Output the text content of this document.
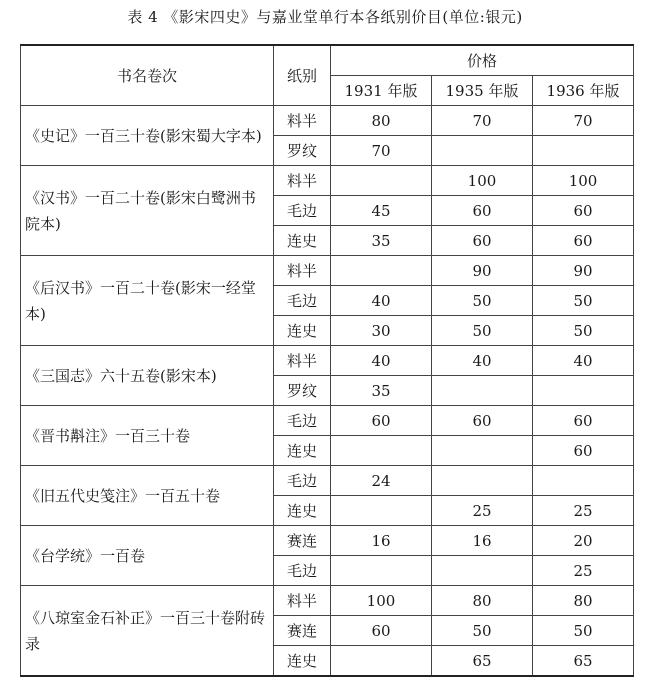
表 4 《影宋四史》与嘉业堂单行本各纸别价目(单位:银元)
书名卷次	纸别	价格		
		1931 年版	1935 年版	1936 年版
《史记》一百三十卷(影宋蜀大字本)	料半	80	70	70
	罗纹	70		
《汉书》一百二十卷(影宋白鹭洲书院本)	料半		100	100
	毛边	45	60	60
	连史	35	60	60
《后汉书》一百二十卷(影宋一经堂本)	料半		90	90
	毛边	40	50	50
	连史	30	50	50
《三国志》六十五卷(影宋本)	料半	40	40	40
	罗纹	35		
《晋书斠注》一百三十卷	毛边	60	60	60
	连史			60
《旧五代史笺注》一百五十卷	毛边	24		
	连史		25	25
《台学统》一百卷	赛连	16	16	20
	毛边			25
《八琼室金石补正》一百三十卷附砖录	料半	100	80	80
	赛连	60	50	50
	连史		65	65
